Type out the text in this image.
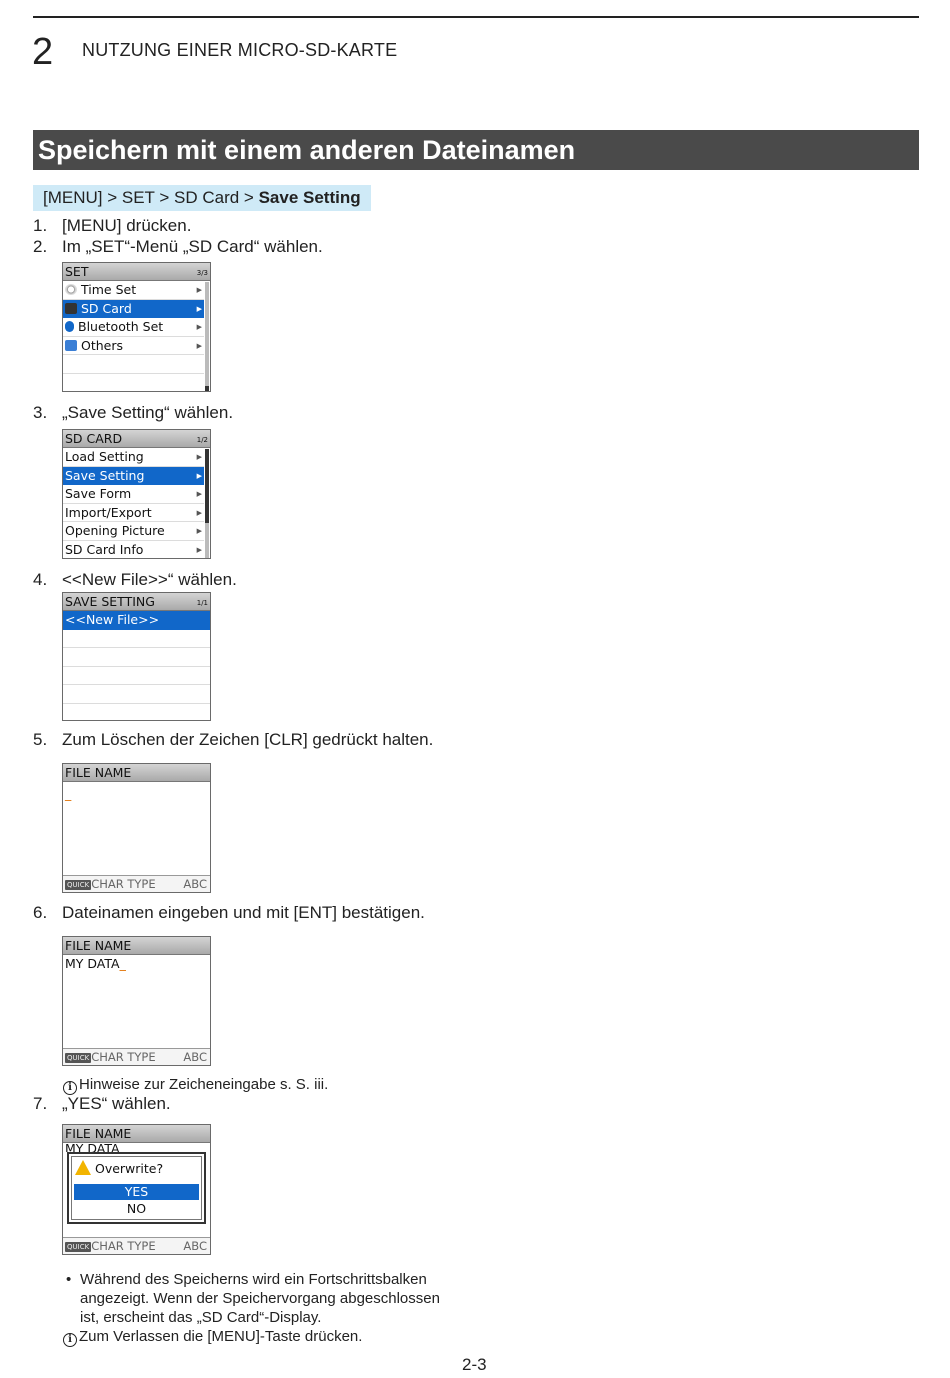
2 NUTZUNG EINER MICRO-SD-KARTE
Speichern mit einem anderen Dateinamen
[MENU] > SET > SD Card > Save Setting
1. [MENU] drücken.
2. Im „SET“-Menü „SD Card“ wählen.
SET	3/3
Time Set	▶
SD Card	▶
Bluetooth Set	▶
Others	▶
3. „Save Setting“ wählen.
SD CARD	1/2
Load Setting	▶
Save Setting	▶
Save Form	▶
Import/Export	▶
Opening Picture	▶
SD Card Info	▶
4. <<New File>>“ wählen.
SAVE SETTING	1/1
<<New File>>
5. Zum Löschen der Zeichen [CLR] gedrückt halten.
FILE NAME
_
QUICK CHAR TYPE ABC
6. Dateinamen eingeben und mit [ENT] bestätigen.
FILE NAME
MY DATA_
QUICK CHAR TYPE ABC
i Hinweise zur Zeicheneingabe s. S. iii.
7. „YES“ wählen.
FILE NAME
MY DATA
Overwrite?
YES
NO
QUICK CHAR TYPE ABC
• Während des Speicherns wird ein Fortschrittsbalken
angezeigt. Wenn der Speichervorgang abgeschlossen
ist, erscheint das „SD Card“-Display.
i Zum Verlassen die [MENU]-Taste drücken.
2-3
